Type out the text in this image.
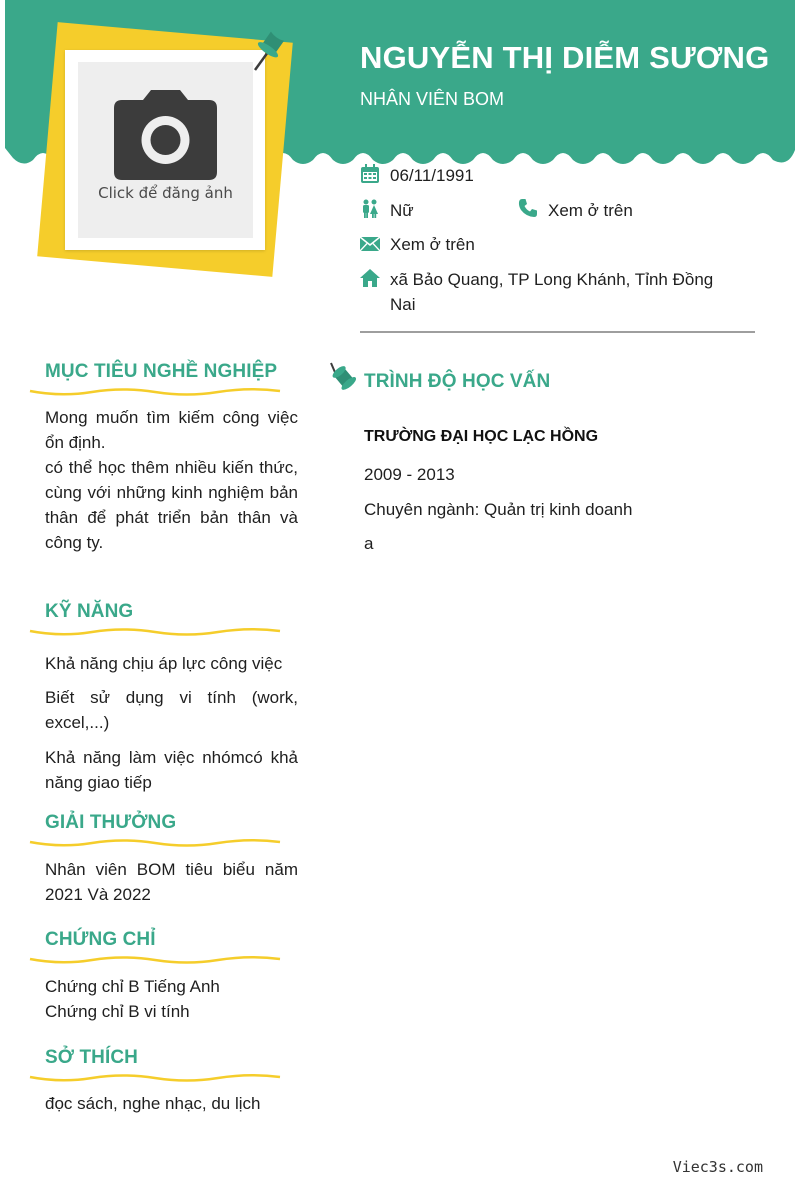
Click để đăng ảnh
NGUYỄN THỊ DIỄM SƯƠNG
NHÂN VIÊN BOM
06/11/1991
Nữ	Xem ở trên
Xem ở trên
xã Bảo Quang, TP Long Khánh, Tỉnh Đồng
Nai
MỤC TIÊU NGHỀ NGHIỆP
Mong muốn tìm kiếm công việc ổn định.
có thể học thêm nhiều kiến thức, cùng với những kinh nghiệm bản thân để phát triển bản thân và công ty.
KỸ NĂNG
Khả năng chịu áp lực công việc
Biết sử dụng vi tính (work, excel,...)
Khả năng làm việc nhómcó khả năng giao tiếp
GIẢI THƯỞNG
Nhân viên BOM tiêu biểu năm 2021 Và 2022
CHỨNG CHỈ
Chứng chỉ B Tiếng Anh
Chứng chỉ B vi tính
SỞ THÍCH
đọc sách, nghe nhạc, du lịch
TRÌNH ĐỘ HỌC VẤN
TRƯỜNG ĐẠI HỌC LẠC HỒNG
2009 - 2013
Chuyên ngành: Quản trị kinh doanh
a
Viec3s.com
